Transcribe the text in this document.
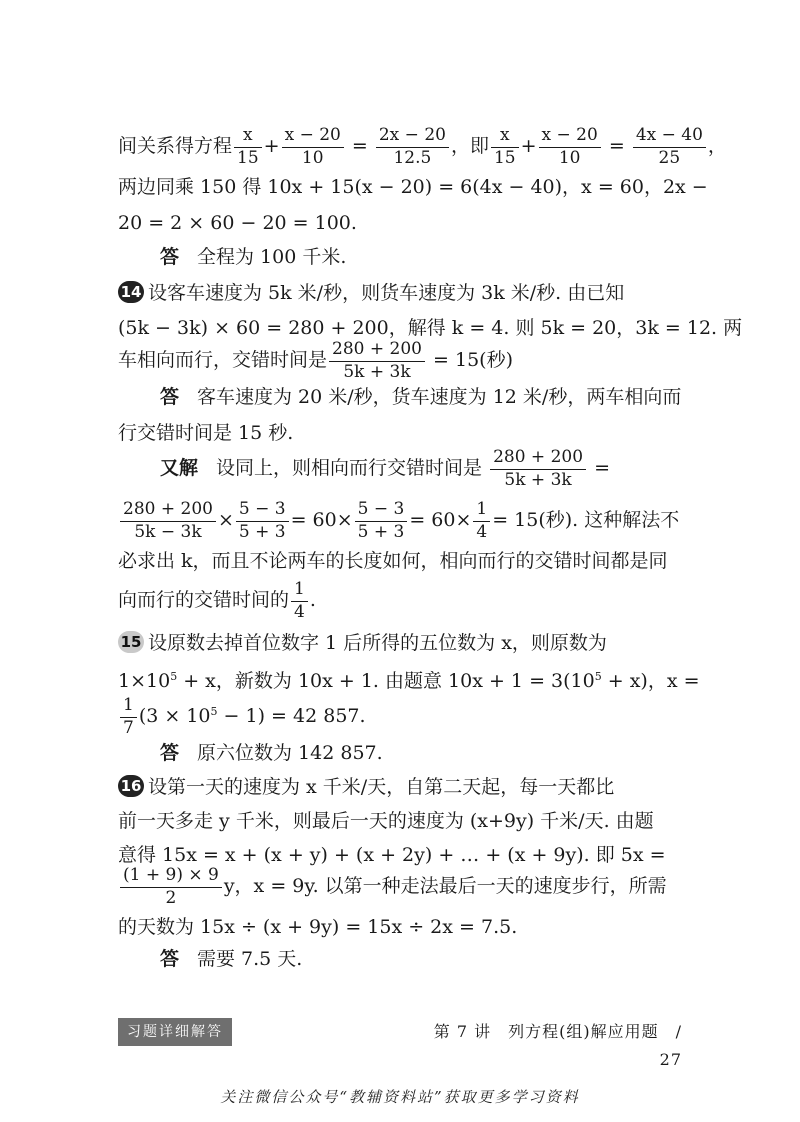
间关系得方程 $\frac{x}{15} + \frac{x - 20}{10} = \frac{2x - 20}{12.5}$ ，即 $\frac{x}{15} + \frac{x - 20}{10} = \frac{4x - 40}{25}$ ，
两边同乘 150 得 10x + 15(x − 20) = 6(4x − 40)，x = 60，2x −
20 = 2 × 60 − 20 = 100.
答 全程为 100 千米.
14 设客车速度为 5k 米/秒，则货车速度为 3k 米/秒. 由已知
(5k − 3k) × 60 = 280 + 200，解得 k = 4. 则 5k = 20，3k = 12. 两
车相向而行，交错时间是 $\frac{280 + 200}{5k + 3k} = 15$(秒)
答 客车速度为 20 米/秒，货车速度为 12 米/秒，两车相向而
行交错时间是 15 秒.
又解 设同上，则相向而行交错时间是 $\frac{280 + 200}{5k + 3k}$ =
$\frac{280 + 200}{5k - 3k} \times \frac{5 - 3}{5 + 3} = 60\times \frac{5 - 3}{5 + 3} = 60\times \frac{1}{4} = 15$(秒). 这种解法不
必求出 k，而且不论两车的长度如何，相向而行的交错时间都是同
向而行的交错时间的 $\frac{1}{4}$ .
15 设原数去掉首位数字 1 后所得的五位数为 x，则原数为
$1\times 10^5 + x$，新数为 10x + 1. 由题意 $10x + 1 = 3(10^5 + x)$，x =
$\frac{1}{7} (3 \times 10^5 - 1) = 42$ 857.
答 原六位数为 142 857.
16 设第一天的速度为 x 千米/天，自第二天起，每一天都比
前一天多走 y 千米，则最后一天的速度为 (x+9y) 千米/天. 由题
意得 15x = x + (x + y) + (x + 2y) + … + (x + 9y). 即 5x =
$\frac{(1 + 9) \times 9}{2}$ y，x = 9y. 以第一种走法最后一天的速度步行，所需
的天数为 15x ÷ (x + 9y) = 15x ÷ 2x = 7.5.
答 需要 7.5 天.
习题详细解答	第 7 讲　列方程(组)解应用题　/ 27
关注微信公众号“教辅资料站”获取更多学习资料
